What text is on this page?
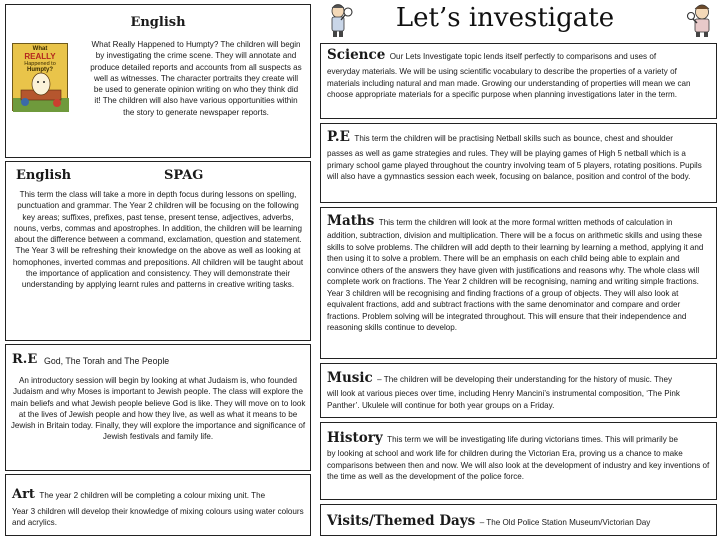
Let’s investigate
English
What
REALLY
Happened to
Humpty?
What Really Happened to Humpty? The children will begin by investigating the crime scene. They will annotate and produce detailed reports and accounts from all suspects as well as witnesses. The character portraits they create will be used to generate opinion writing on who they think did it! The children will also have various opportunities within the story to generate newspaper reports.
English	SPAG
This term the class will take a more in depth focus during lessons on spelling, punctuation and grammar. The Year 2 children will be focusing on the following key areas; suffixes, prefixes, past tense, present tense, adjectives, adverbs, nouns, verbs, commas and apostrophes. In addition, the children will be learning about the difference between a command, exclamation, question and statement. The Year 3 will be refreshing their knowledge on the above as well as looking at homophones, inverted commas and prepositions. All children will be taught about the importance of application and consistency. They will demonstrate their understanding by applying learnt rules and patterns in creative writing tasks.
R.E God, The Torah and The People
An introductory session will begin by looking at what Judaism is, who founded Judaism and why Moses is important to Jewish people. The class will explore the main beliefs and what Jewish people believe God is like. They will move on to look at the lives of Jewish people and how they live, as well as what it means to be Jewish in Britain today. Finally, they will explore the importance and significance of Jewish festivals and family life.
Art The year 2 children will be completing a colour mixing unit. The
Year 3 children will develop their knowledge of mixing colours using water colours and acrylics.
Science Our Lets Investigate topic lends itself perfectly to comparisons and uses of
everyday materials. We will be using scientific vocabulary to describe the properties of a variety of materials including natural and man made. Growing our understanding of properties will mean we can choose appropriate materials for a specific purpose when planning investigations later in the term.
P.E This term the children will be practising Netball skills such as bounce, chest and shoulder
passes as well as game strategies and rules. They will be playing games of High 5 netball which is a primary school game played throughout the country involving team of 5 players, rotating positions. Pupils will also have a gymnastics session each week, focusing on balance, position and control of the body.
Maths This term the children will look at the more formal written methods of calculation in
addition, subtraction, division and multiplication. There will be a focus on arithmetic skills and using these skills to solve problems. The children will add depth to their learning by learning a method, applying it and then using it to solve a problem. There will be an emphasis on each child being able to explain and convince others of the answers they have given with justifications and reasons why. The whole class will complete work on fractions. The Year 2 children will be recognising, naming and writing simple fractions. Year 3 children will be recognising and finding fractions of a group of objects. They will also look at equivalent fractions, add and subtract fractions with the same denominator and compare and order fractions. Problem solving will be integrated throughout. This will ensure that their independence and reasoning skills continue to develop.
Music – The children will be developing their understanding for the history of music. They
will look at various pieces over time, including Henry Mancini’s instrumental composition, ‘The Pink Panther’. Ukulele will continue for both year groups on a Friday.
History This term we will be investigating life during victorians times. This will primarily be
by looking at school and work life for children during the Victorian Era, proving us a chance to make comparisons between then and now. We will also look at the development of industry and key inventions of the time as well as the development of the police force.
Visits/Themed Days – The Old Police Station Museum/Victorian Day
